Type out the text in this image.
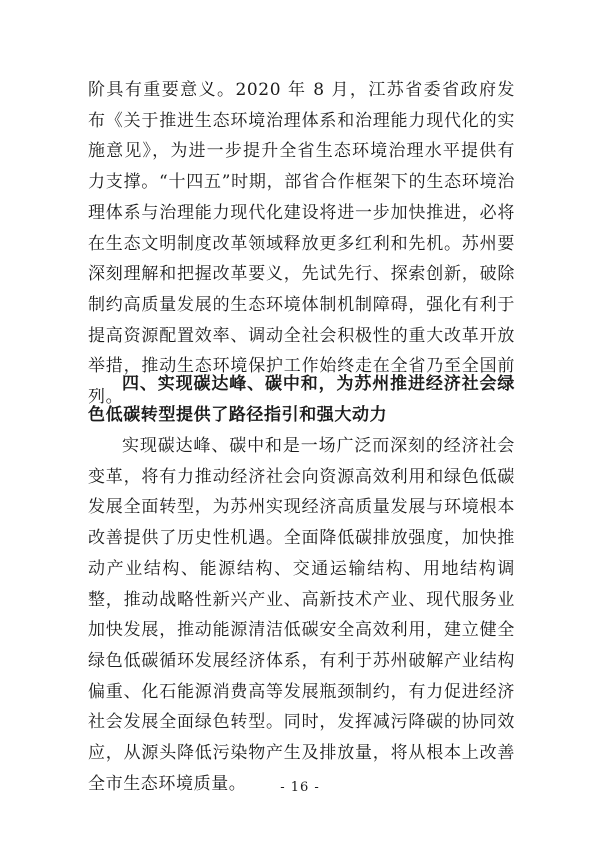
阶具有重要意义。2020 年 8 月，江苏省委省政府发布《关于推进生态环境治理体系和治理能力现代化的实施意见》，为进一步提升全省生态环境治理水平提供有力支撑。“十四五”时期，部省合作框架下的生态环境治理体系与治理能力现代化建设将进一步加快推进，必将在生态文明制度改革领域释放更多红利和先机。苏州要深刻理解和把握改革要义，先试先行、探索创新，破除制约高质量发展的生态环境体制机制障碍，强化有利于提高资源配置效率、调动全社会积极性的重大改革开放举措，推动生态环境保护工作始终走在全省乃至全国前列。

四、实现碳达峰、碳中和，为苏州推进经济社会绿色低碳转型提供了路径指引和强大动力

实现碳达峰、碳中和是一场广泛而深刻的经济社会变革，将有力推动经济社会向资源高效利用和绿色低碳发展全面转型，为苏州实现经济高质量发展与环境根本改善提供了历史性机遇。全面降低碳排放强度，加快推动产业结构、能源结构、交通运输结构、用地结构调整，推动战略性新兴产业、高新技术产业、现代服务业加快发展，推动能源清洁低碳安全高效利用，建立健全绿色低碳循环发展经济体系，有利于苏州破解产业结构偏重、化石能源消费高等发展瓶颈制约，有力促进经济社会发展全面绿色转型。同时，发挥减污降碳的协同效应，从源头降低污染物产生及排放量，将从根本上改善全市生态环境质量。	- 16 -
